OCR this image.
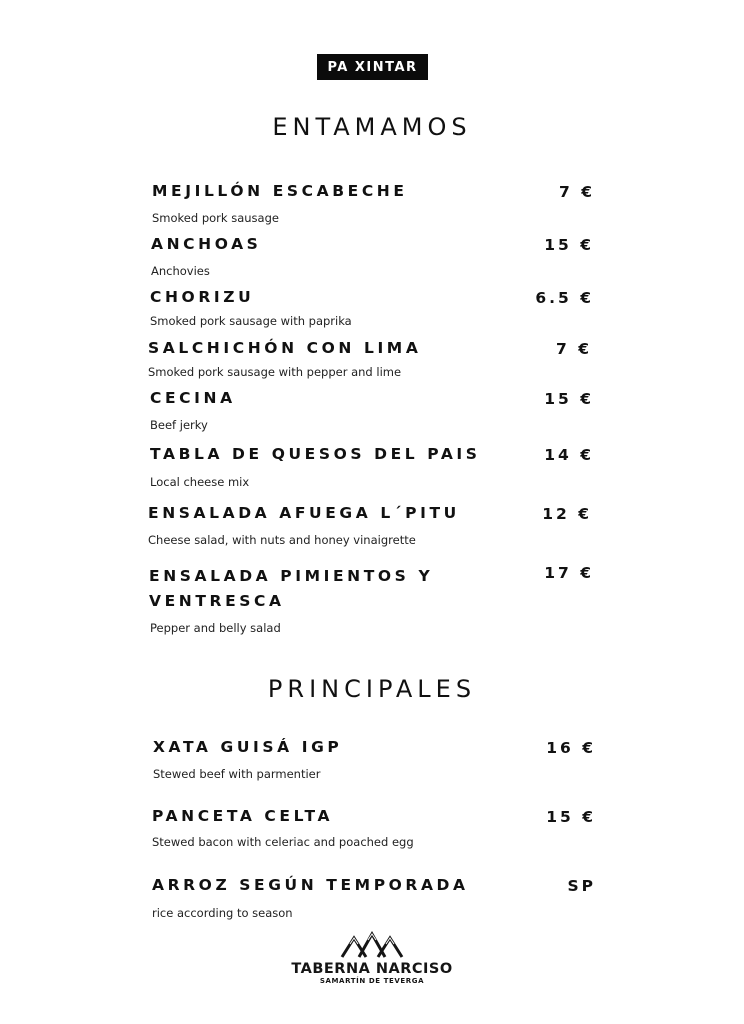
PA XINTAR
ENTAMAMOS
MEJILLÓN ESCABECHE	7 €
Smoked pork sausage
ANCHOAS	15 €
Anchovies
CHORIZU	6.5 €
Smoked pork sausage with paprika
SALCHICHÓN CON LIMA	7 €
Smoked pork sausage with pepper and lime
CECINA	15 €
Beef jerky
TABLA DE QUESOS DEL PAIS	14 €
Local cheese mix
ENSALADA AFUEGA L´PITU	12 €
Cheese salad, with nuts and honey vinaigrette
ENSALADA PIMIENTOS Y VENTRESCA
17 €
Pepper and belly salad
PRINCIPALES
XATA GUISÁ IGP	16 €
Stewed beef with parmentier
PANCETA CELTA	15 €
Stewed bacon with celeriac and poached egg
ARROZ SEGÚN TEMPORADA	SP
rice according to season
TABERNA NARCISO
SAMARTÍN DE TEVERGA
